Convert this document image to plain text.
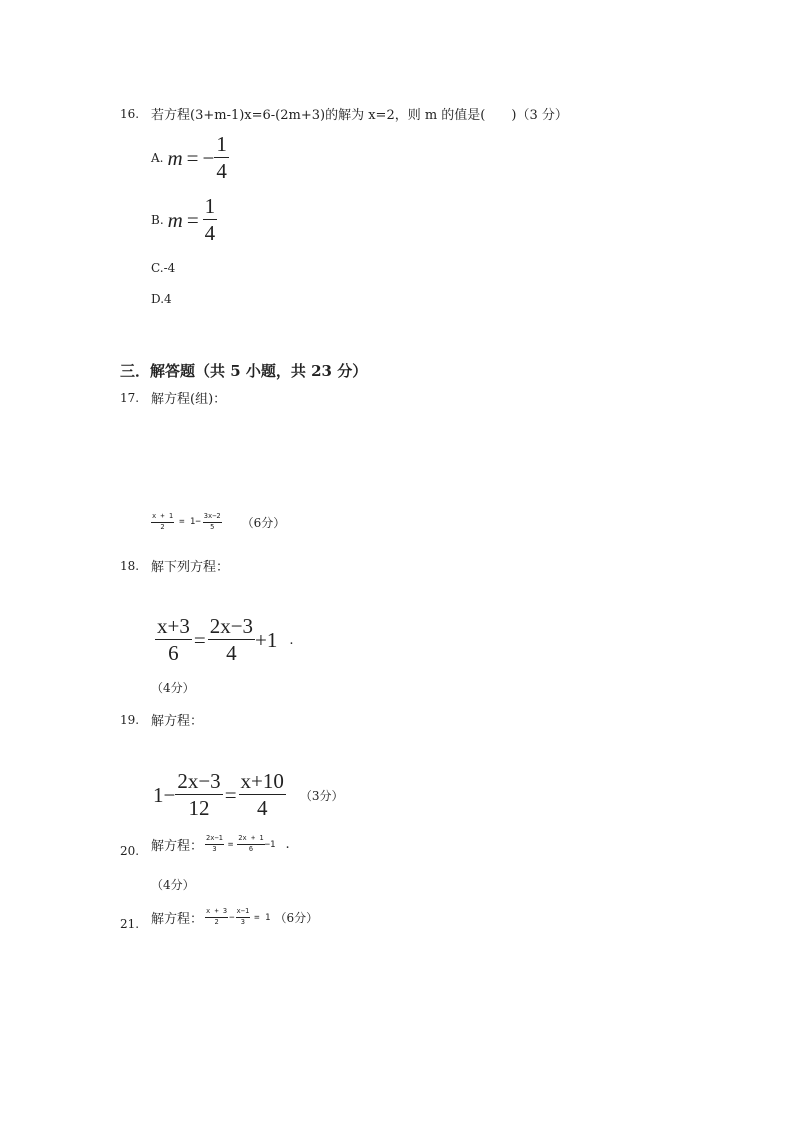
16. 若方程(3+m-1)x=6-(2m+3)的解为 x=2，则 m 的值是(　　)（3 分）
A. m = − $\frac{1}{4}$
B. $m = \frac{1}{4}$
C.-4
D.4
三．解答题（共 5 小题，共 23 分）
17. 解方程(组)：
$\frac{x + 1}{2} = 1- \frac{3x-2}{5} (6$分）
18. 解下列方程：
$\frac{x+3}{6} = \frac{2x-3}{4} +1$ .
（4分）
19. 解方程：
$1- \frac{2x-3}{12} = \frac{x+10}{4} (3$分）
20. 解方程： $\frac{2x-1}{3} = \frac{2x + 1}{6} -1$ .
（4分）
21. 解方程： $\frac{x + 3}{2} - \frac{x-1}{3} = 1$ （6分）
